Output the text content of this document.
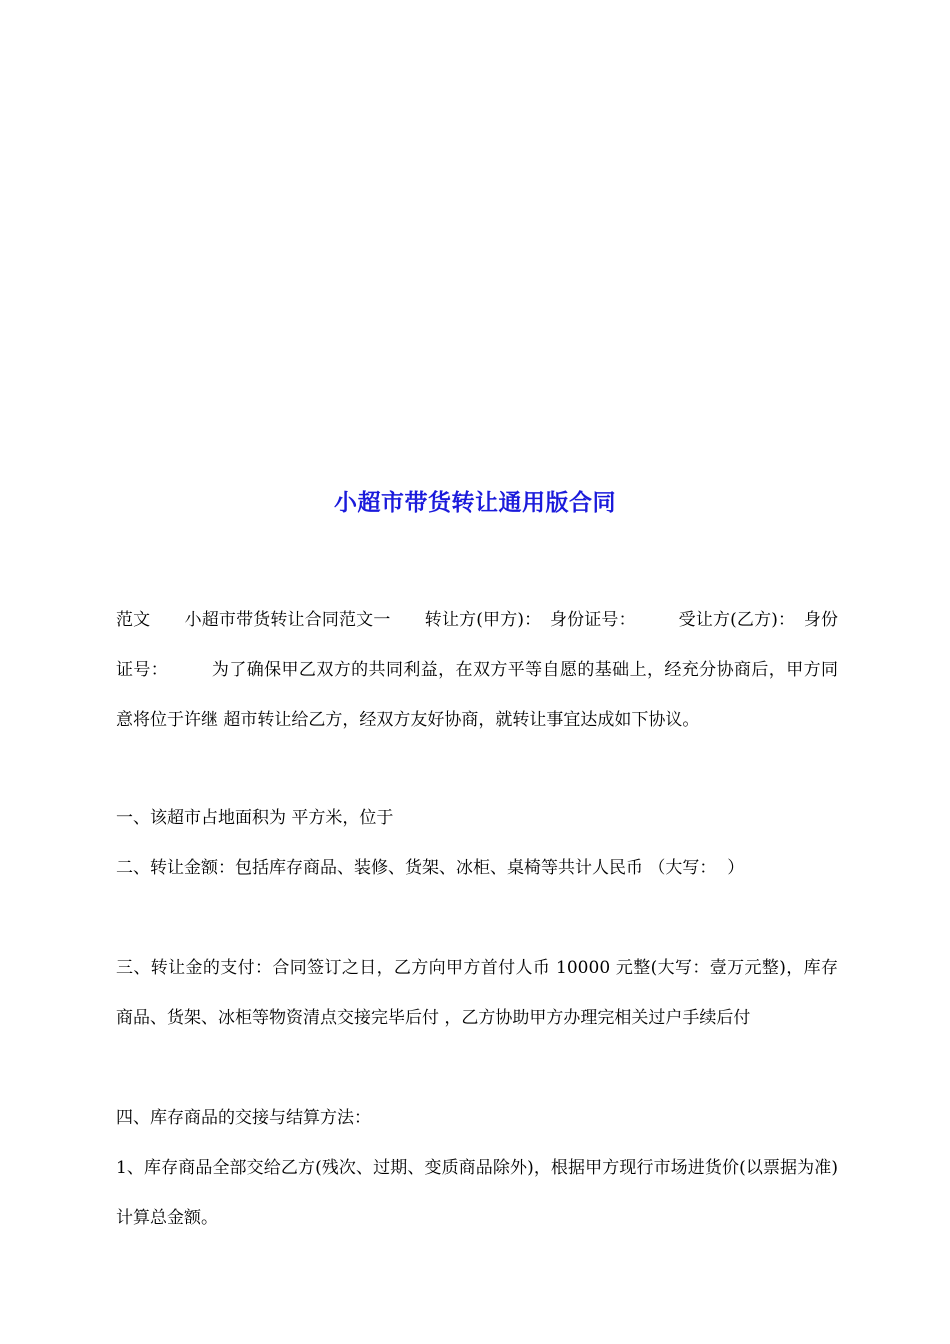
小超市带货转让通用版合同

范文　　小超市带货转让合同范文一　　转让方(甲方)：　身份证号：　　　受让方(乙方)：　身份证号：　　　为了确保甲乙双方的共同利益，在双方平等自愿的基础上，经充分协商后，甲方同意将位于许继 超市转让给乙方，经双方友好协商，就转让事宜达成如下协议。

一、该超市占地面积为 平方米，位于

二、转让金额：包括库存商品、装修、货架、冰柜、桌椅等共计人民币 （大写：  ）

三、转让金的支付：合同签订之日，乙方向甲方首付人币 10000 元整(大写：壹万元整)，库存商品、货架、冰柜等物资清点交接完毕后付 ，乙方协助甲方办理完相关过户手续后付

四、库存商品的交接与结算方法：

1、库存商品全部交给乙方(残次、过期、变质商品除外)，根据甲方现行市场进货价(以票据为准)计算总金额。
